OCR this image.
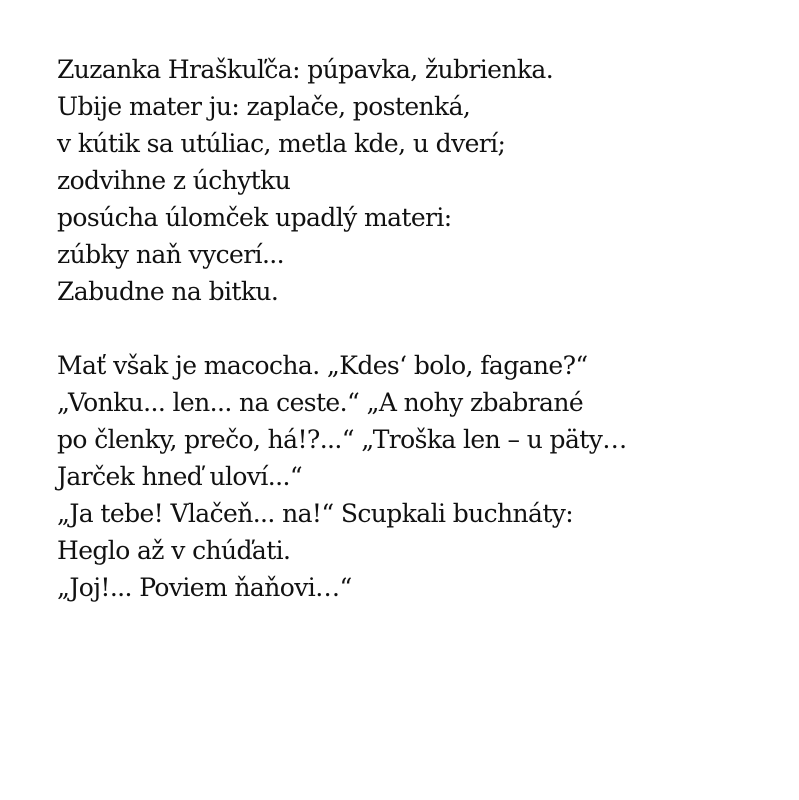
Zuzanka Hraškuľča: púpavka, žubrienka.
Ubije mater ju: zaplače, postenká,
v kútik sa utúliac, metla kde, u dverí;
zodvihne z úchytku
posúcha úlomček upadlý materi:
zúbky naň vycerí...
Zabudne na bitku.
Mať však je macocha. „Kdes‘ bolo, fagane?“
„Vonku... len... na ceste.“ „A nohy zbabrané
po členky, prečo, há!?...“ „Troška len – u päty…
Jarček hneď uloví...“
„Ja tebe! Vlačeň... na!“ Scupkali buchnáty:
Heglo až v chúďati.
„Joj!... Poviem ňaňovi…“
